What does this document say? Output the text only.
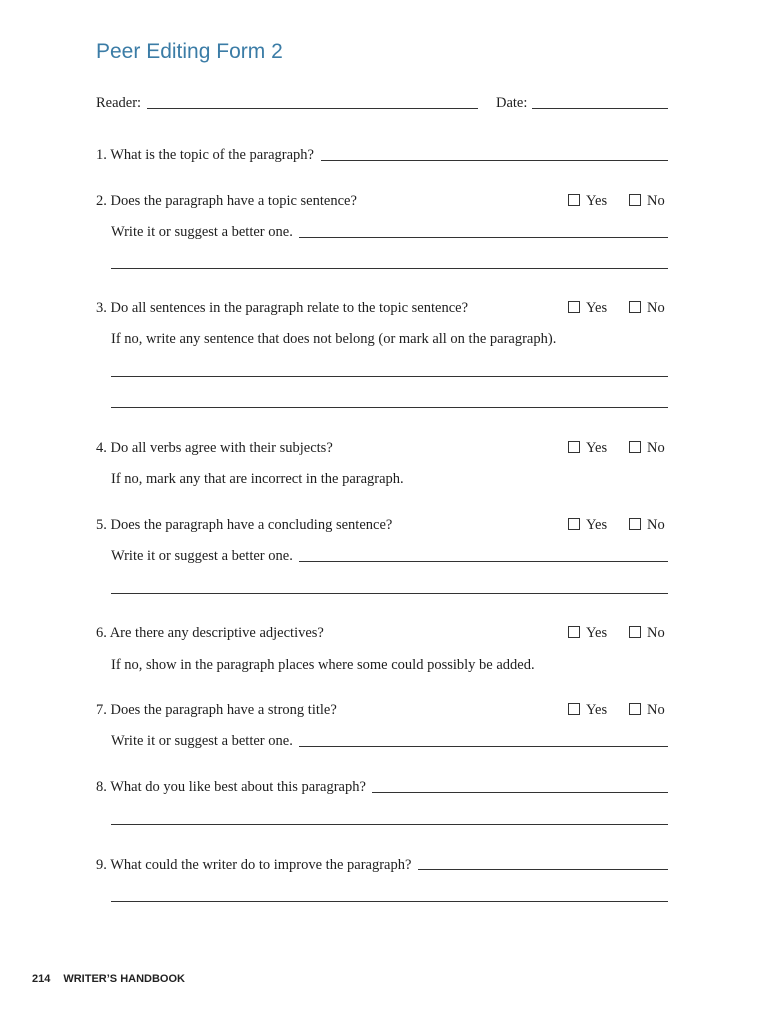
Peer Editing Form 2
Reader:	Date:
1. What is the topic of the paragraph?
2. Does the paragraph have a topic sentence?	Yes	No
Write it or suggest a better one.
3. Do all sentences in the paragraph relate to the topic sentence?	Yes	No
If no, write any sentence that does not belong (or mark all on the paragraph).
4. Do all verbs agree with their subjects?	Yes	No
If no, mark any that are incorrect in the paragraph.
5. Does the paragraph have a concluding sentence?	Yes	No
Write it or suggest a better one.
6. Are there any descriptive adjectives?	Yes	No
If no, show in the paragraph places where some could possibly be added.
7. Does the paragraph have a strong title?	Yes	No
Write it or suggest a better one.
8. What do you like best about this paragraph?
9. What could the writer do to improve the paragraph?
214 WRITER’S HANDBOOK
